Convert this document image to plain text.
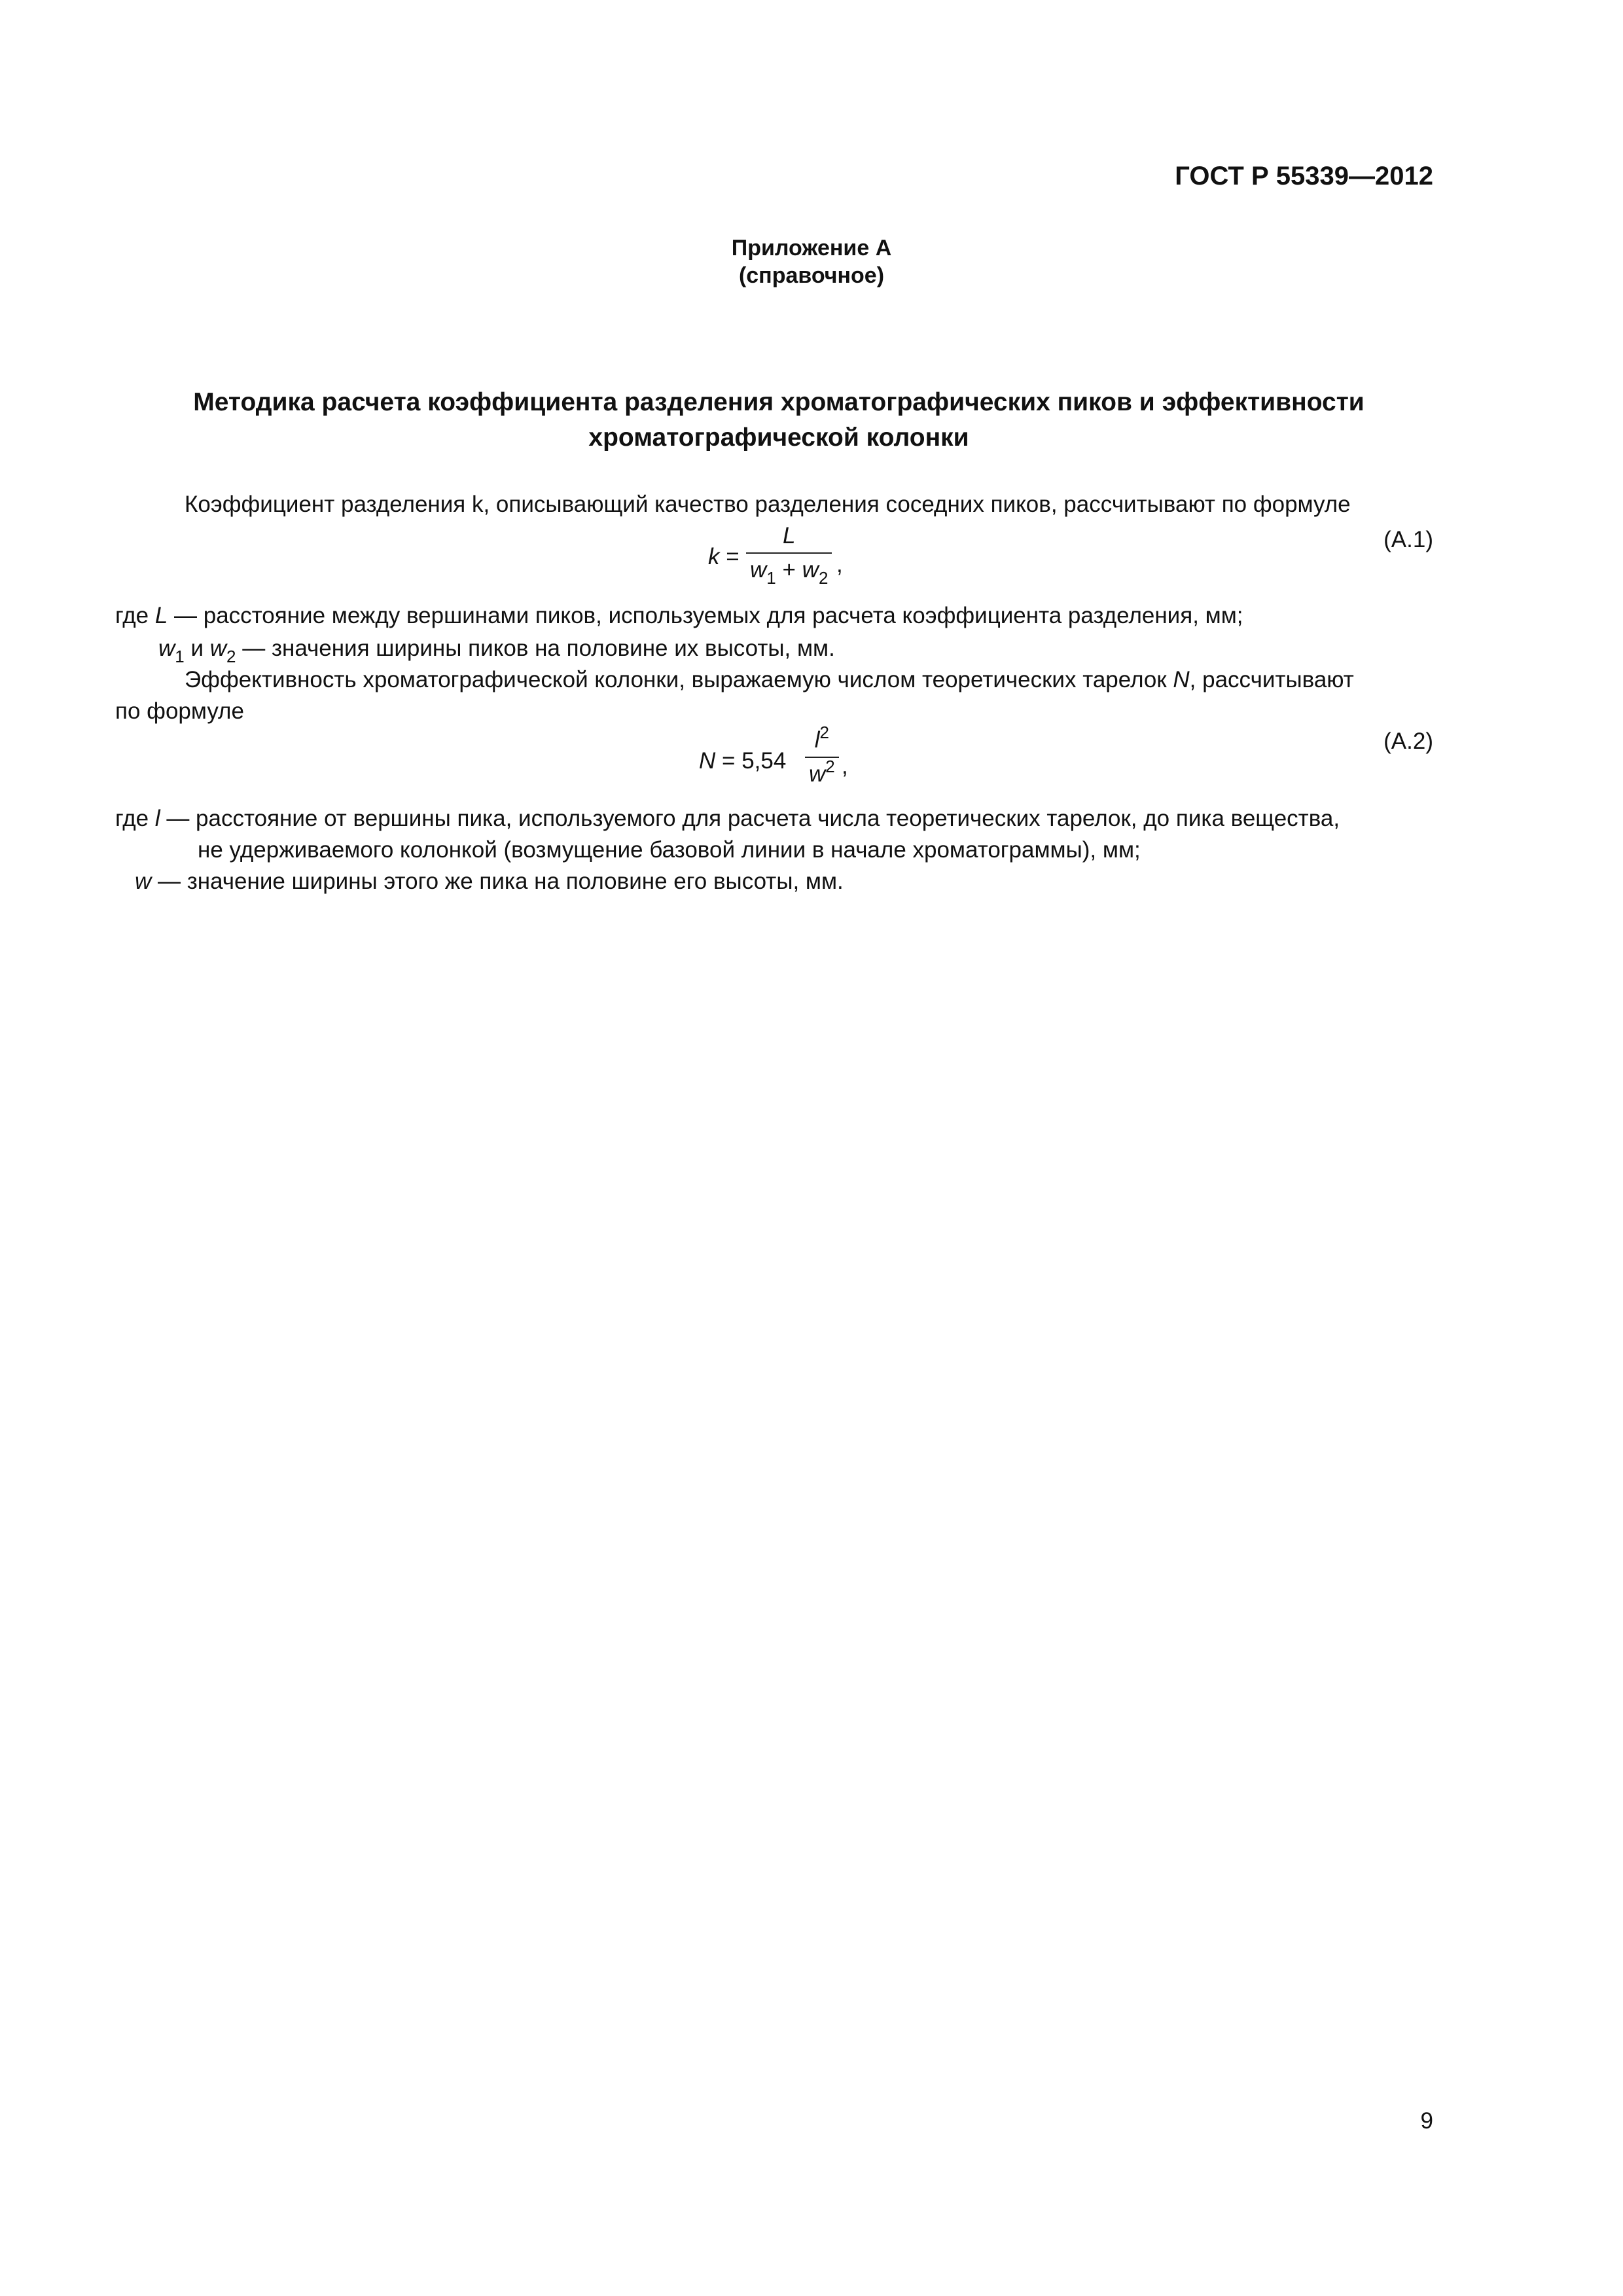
ГОСТ Р 55339—2012
Приложение А
(справочное)
Методика расчета коэффициента разделения хроматографических пиков и эффективности
хроматографической колонки
Коэффициент разделения k, описывающий качество разделения соседних пиков, рассчитывают по формуле
k =
L
$w_1 + w_2$
,
(А.1)
где L — расстояние между вершинами пиков, используемых для расчета коэффициента разделения, мм;
$w_1$ и $w_2$ — значения ширины пиков на половине их высоты, мм.
Эффективность хроматографической колонки, выражаемую числом теоретических тарелок N, рассчитывают
по формуле
N = 5,54
$l^2$
$w^2$ ,
(А.2)
где l — расстояние от вершины пика, используемого для расчета числа теоретических тарелок, до пика вещества,
не удерживаемого колонкой (возмущение базовой линии в начале хроматограммы), мм;
w — значение ширины этого же пика на половине его высоты, мм.
9
